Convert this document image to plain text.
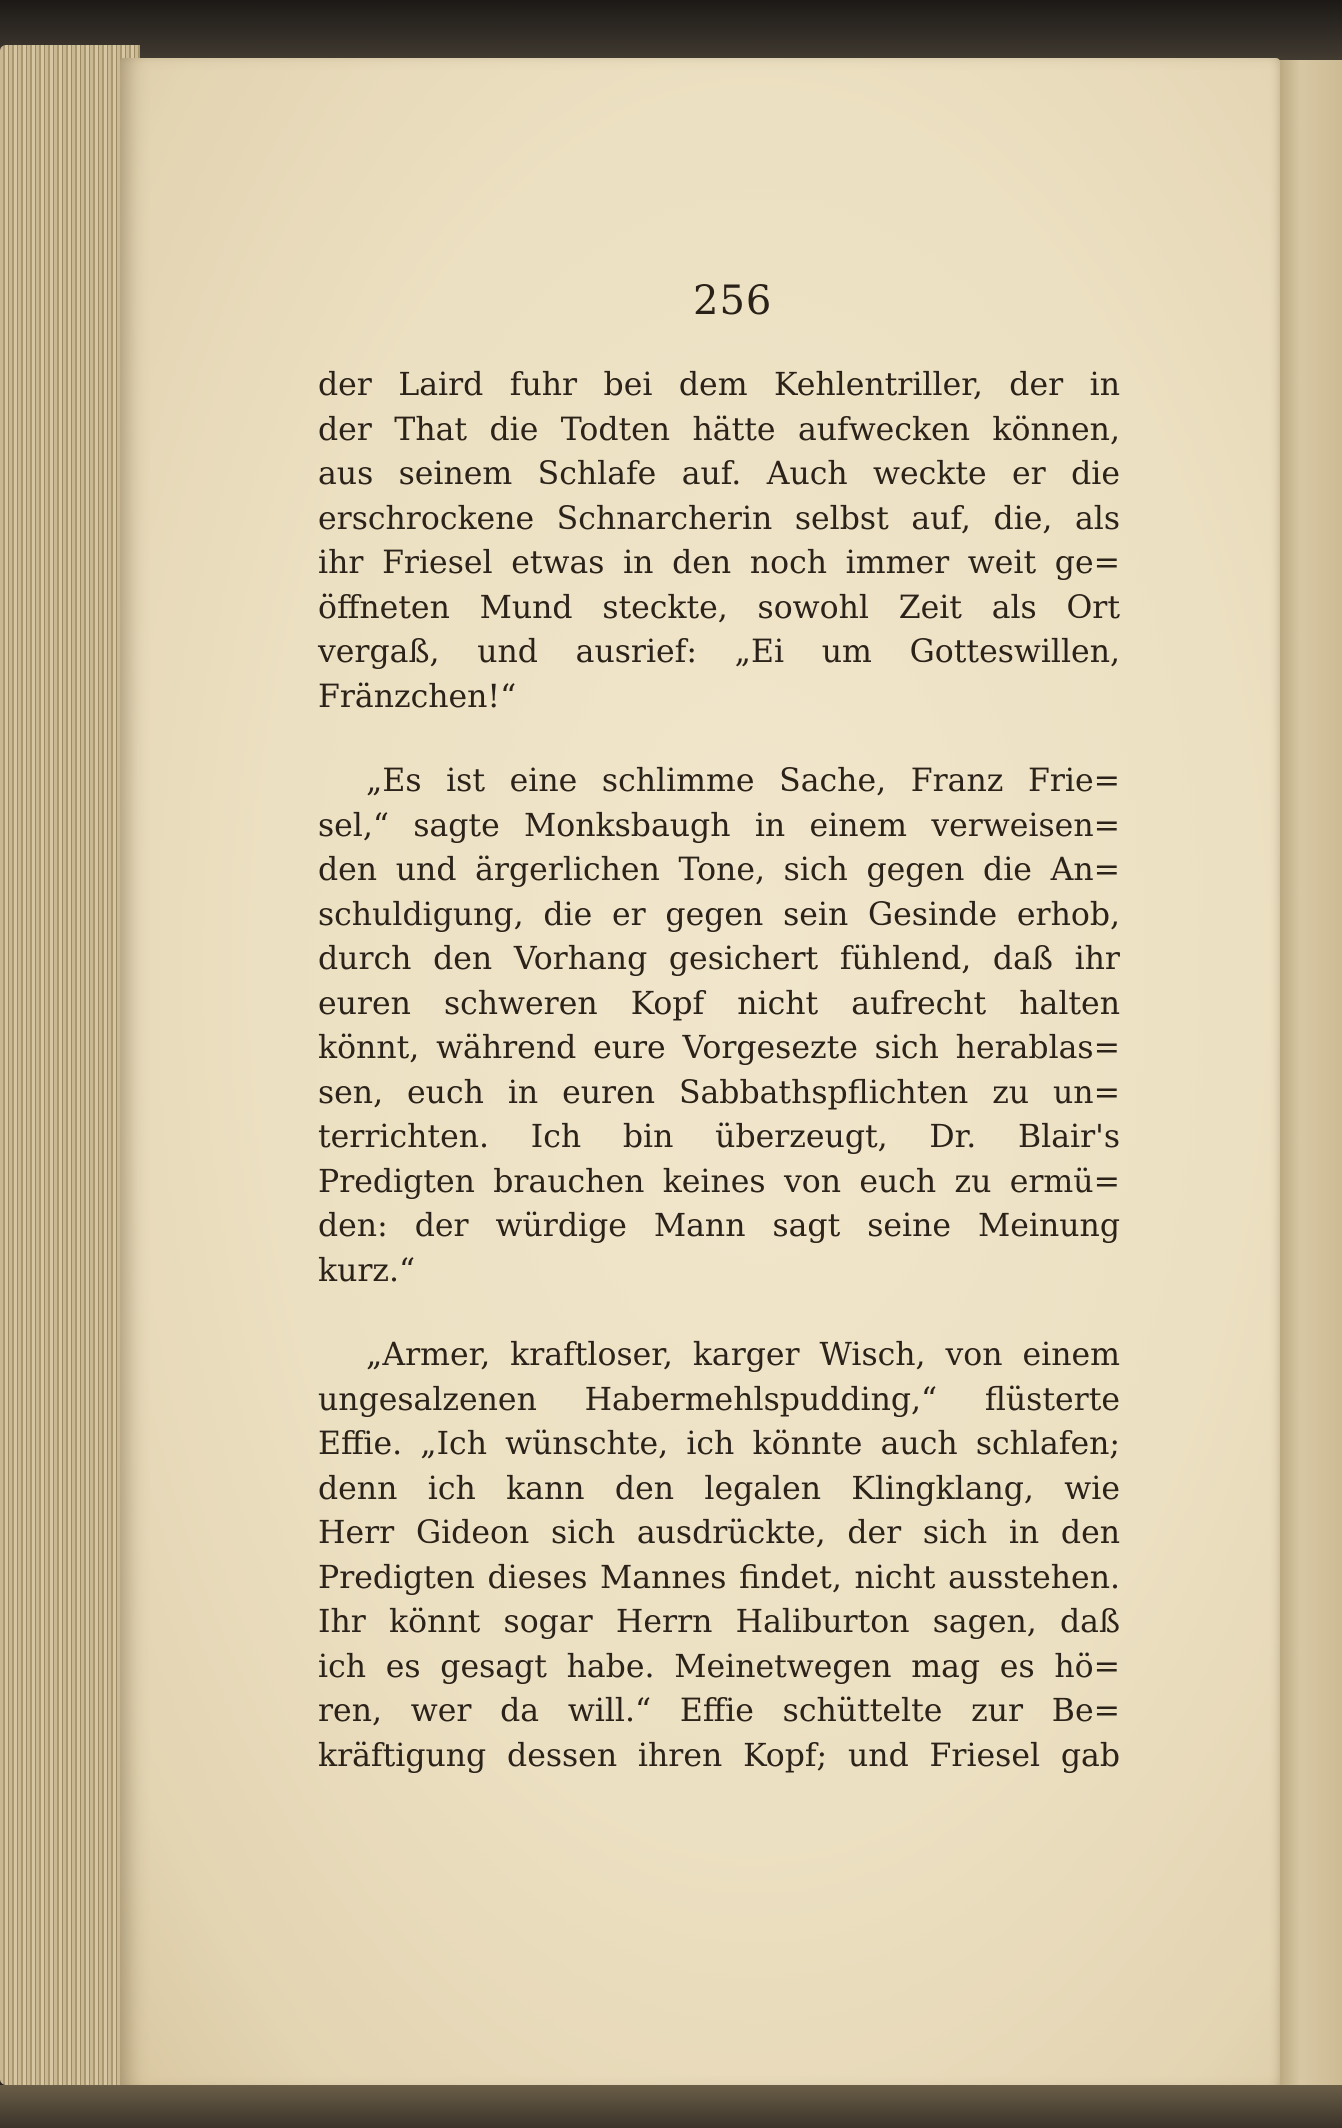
256
der Laird fuhr bei dem Kehlentriller, der in
der That die Todten hätte aufwecken können,
aus seinem Schlafe auf. Auch weckte er die
erschrockene Schnarcherin selbst auf, die, als
ihr Friesel etwas in den noch immer weit ge=
öffneten Mund steckte, sowohl Zeit als Ort
vergaß, und ausrief: „Ei um Gotteswillen,
Fränzchen!“
„Es ist eine schlimme Sache, Franz Frie=
sel,“ sagte Monksbaugh in einem verweisen=
den und ärgerlichen Tone, sich gegen die An=
schuldigung, die er gegen sein Gesinde erhob,
durch den Vorhang gesichert fühlend, daß ihr
euren schweren Kopf nicht aufrecht halten
könnt, während eure Vorgesezte sich herablas=
sen, euch in euren Sabbathspflichten zu un=
terrichten. Ich bin überzeugt, Dr. Blair's
Predigten brauchen keines von euch zu ermü=
den: der würdige Mann sagt seine Meinung
kurz.“
„Armer, kraftloser, karger Wisch, von einem
ungesalzenen Habermehlspudding,“ flüsterte
Effie. „Ich wünschte, ich könnte auch schlafen;
denn ich kann den legalen Klingklang, wie
Herr Gideon sich ausdrückte, der sich in den
Predigten dieses Mannes findet, nicht ausstehen.
Ihr könnt sogar Herrn Haliburton sagen, daß
ich es gesagt habe. Meinetwegen mag es hö=
ren, wer da will.“ Effie schüttelte zur Be=
kräftigung dessen ihren Kopf; und Friesel gab
